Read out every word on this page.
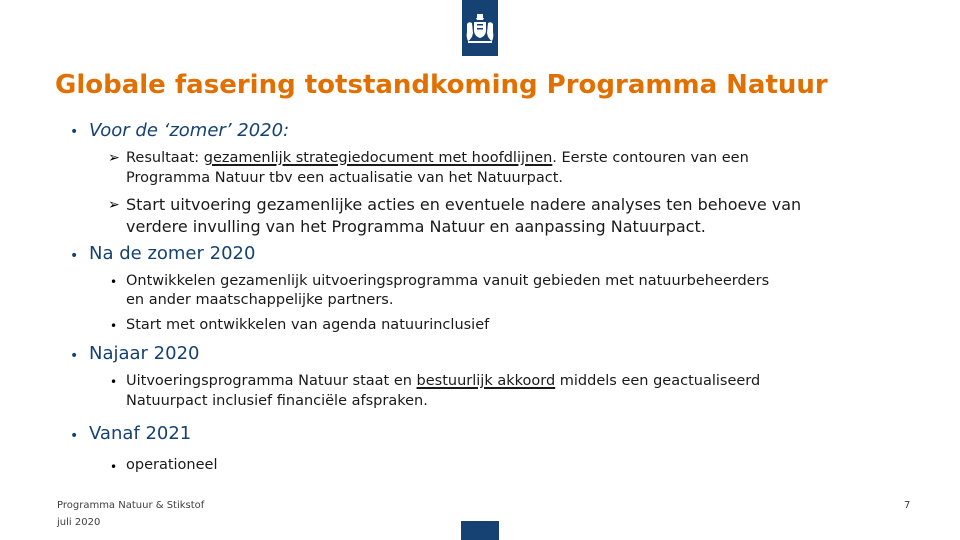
Globale fasering totstandkoming Programma Natuur
• Voor de ‘zomer’ 2020:
➢ Resultaat: gezamenlijk strategiedocument met hoofdlijnen. Eerste contouren van een
Programma Natuur tbv een actualisatie van het Natuurpact.
➢ Start uitvoering gezamenlijke acties en eventuele nadere analyses ten behoeve van
verdere invulling van het Programma Natuur en aanpassing Natuurpact.
• Na de zomer 2020
• Ontwikkelen gezamenlijk uitvoeringsprogramma vanuit gebieden met natuurbeheerders
en ander maatschappelijke partners.
• Start met ontwikkelen van agenda natuurinclusief
• Najaar 2020
• Uitvoeringsprogramma Natuur staat en bestuurlijk akkoord middels een geactualiseerd
Natuurpact inclusief financiële afspraken.
• Vanaf 2021
• operationeel
Programma Natuur & Stikstof
juli 2020
7
